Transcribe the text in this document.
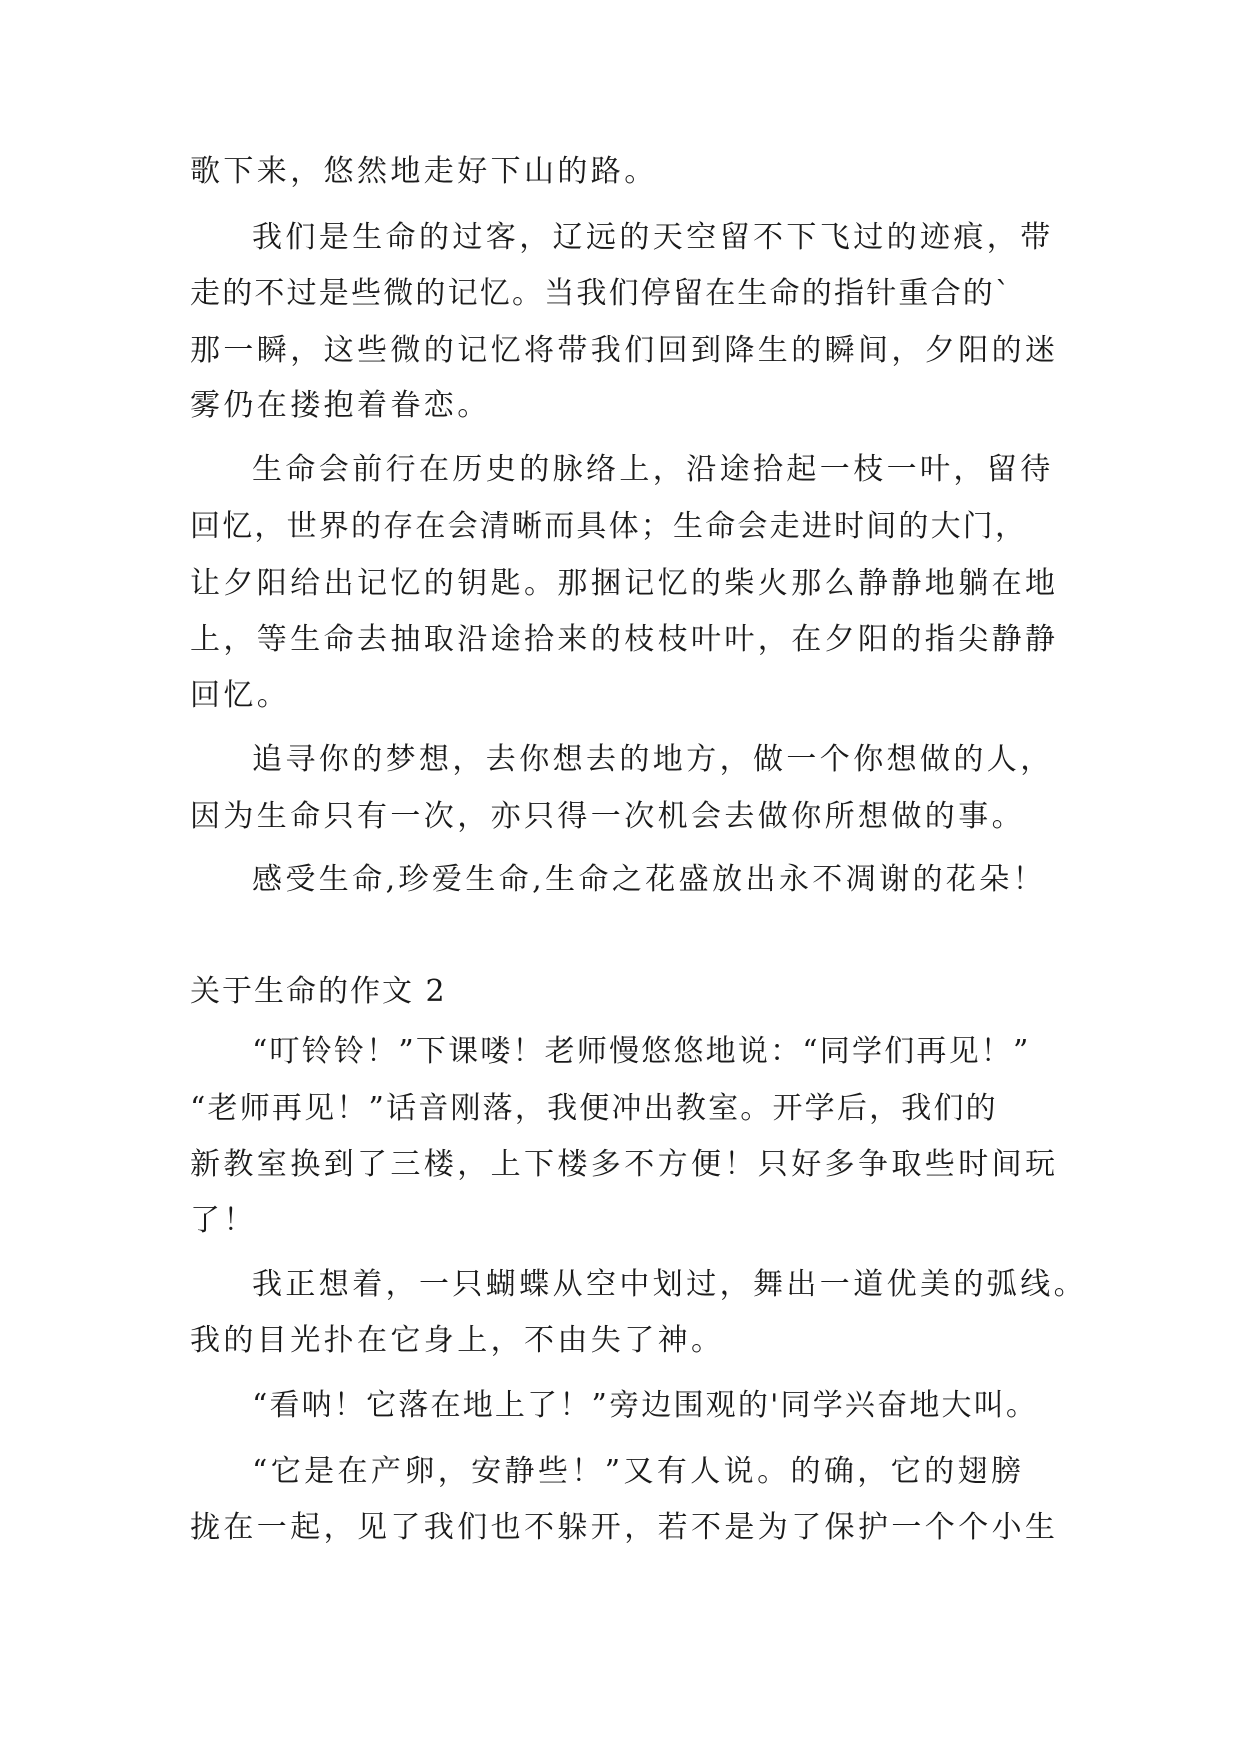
歌下来，悠然地走好下山的路。
我们是生命的过客，辽远的天空留不下飞过的迹痕，带
走的不过是些微的记忆。当我们停留在生命的指针重合的`
那一瞬，这些微的记忆将带我们回到降生的瞬间，夕阳的迷
雾仍在搂抱着眷恋。
生命会前行在历史的脉络上，沿途拾起一枝一叶，留待
回忆，世界的存在会清晰而具体；生命会走进时间的大门，
让夕阳给出记忆的钥匙。那捆记忆的柴火那么静静地躺在地
上，等生命去抽取沿途拾来的枝枝叶叶，在夕阳的指尖静静
回忆。
追寻你的梦想，去你想去的地方，做一个你想做的人，
因为生命只有一次，亦只得一次机会去做你所想做的事。
感受生命,珍爱生命,生命之花盛放出永不凋谢的花朵！
关于生命的作文 2
“叮铃铃！”下课喽！老师慢悠悠地说：“同学们再见！”
“老师再见！”话音刚落，我便冲出教室。开学后，我们的
新教室换到了三楼，上下楼多不方便！只好多争取些时间玩
了！
我正想着，一只蝴蝶从空中划过，舞出一道优美的弧线。
我的目光扑在它身上，不由失了神。
“看呐！它落在地上了！”旁边围观的'同学兴奋地大叫。
“它是在产卵，安静些！”又有人说。的确，它的翅膀
拢在一起，见了我们也不躲开，若不是为了保护一个个小生
